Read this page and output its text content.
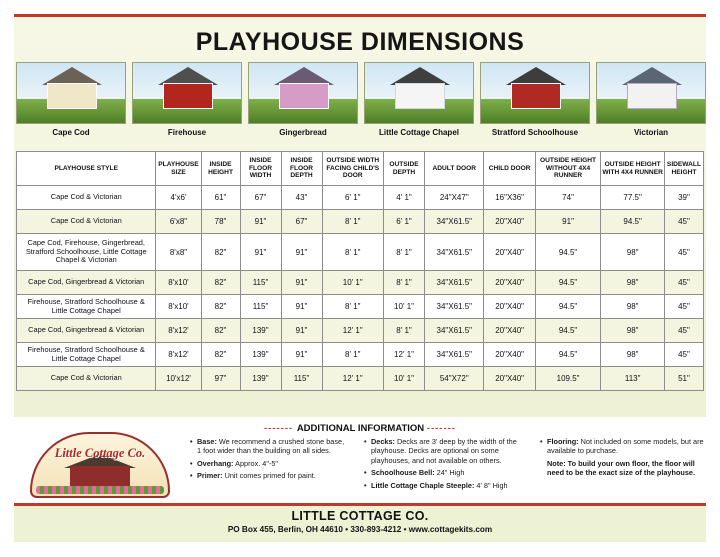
PLAYHOUSE DIMENSIONS
Cape Cod	Firehouse	Gingerbread	Little Cottage Chapel	Stratford Schoolhouse	Victorian
PLAYHOUSE STYLE	PLAYHOUSE SIZE	INSIDE HEIGHT	INSIDE FLOOR WIDTH	INSIDE FLOOR DEPTH	OUTSIDE WIDTH FACING CHILD'S DOOR	OUTSIDE DEPTH	ADULT DOOR	CHILD DOOR	OUTSIDE HEIGHT WITHOUT 4X4 RUNNER	OUTSIDE HEIGHT WITH 4X4 RUNNER	SIDEWALL HEIGHT
Cape Cod & Victorian	4'x6'	61"	67"	43"	6' 1"	4' 1"	24"X47"	16"X36"	74"	77.5"	39"
Cape Cod & Victorian	6'x8"	78"	91"	67"	8' 1"	6' 1"	34"X61.5"	20"X40"	91"	94.5"	45"
Cape Cod, Firehouse, Gingerbread, Stratford Schoolhouse, Little Cottage Chapel & Victorian	8'x8"	82"	91"	91"	8' 1"	8' 1"	34"X61.5"	20"X40"	94.5"	98"	45"
Cape Cod, Gingerbread & Victorian	8'x10'	82"	115"	91"	10' 1"	8' 1"	34"X61.5"	20"X40"	94.5"	98"	45"
Firehouse, Stratford Schoolhouse & Little Cottage Chapel	8'x10'	82"	115"	91"	8' 1"	10' 1"	34"X61.5"	20"X40"	94.5"	98"	45"
Cape Cod, Gingerbread & Victorian	8'x12'	82"	139"	91"	12' 1"	8' 1"	34"X61.5"	20"X40"	94.5"	98"	45"
Firehouse, Stratford Schoolhouse & Little Cottage Chapel	8'x12'	82"	139"	91"	8' 1"	12' 1"	34"X61.5"	20"X40"	94.5"	98"	45"
Cape Cod & Victorian	10'x12'	97"	139"	115"	12' 1"	10' 1"	54"X72"	20"X40"	109.5"	113"	51"
------- ADDITIONAL INFORMATION -------
Little Cottage Co.
• Base: We recommend a crushed stone base, 1 foot wider than the building on all sides.
• Overhang: Approx. 4"-5"
• Primer: Unit comes primed for paint.
• Decks: Decks are 3' deep by the width of the playhouse. Decks are optional on some playhouses, and not available on others.
• Schoolhouse Bell: 24" High
• Little Cottage Chaple Steeple: 4' 8" High
• Flooring: Not included on some models, but are available to purchase.
Note: To build your own floor, the floor will need to be the exact size of the playhouse.
LITTLE COTTAGE CO.
PO Box 455, Berlin, OH 44610 • 330-893-4212 • www.cottagekits.com
